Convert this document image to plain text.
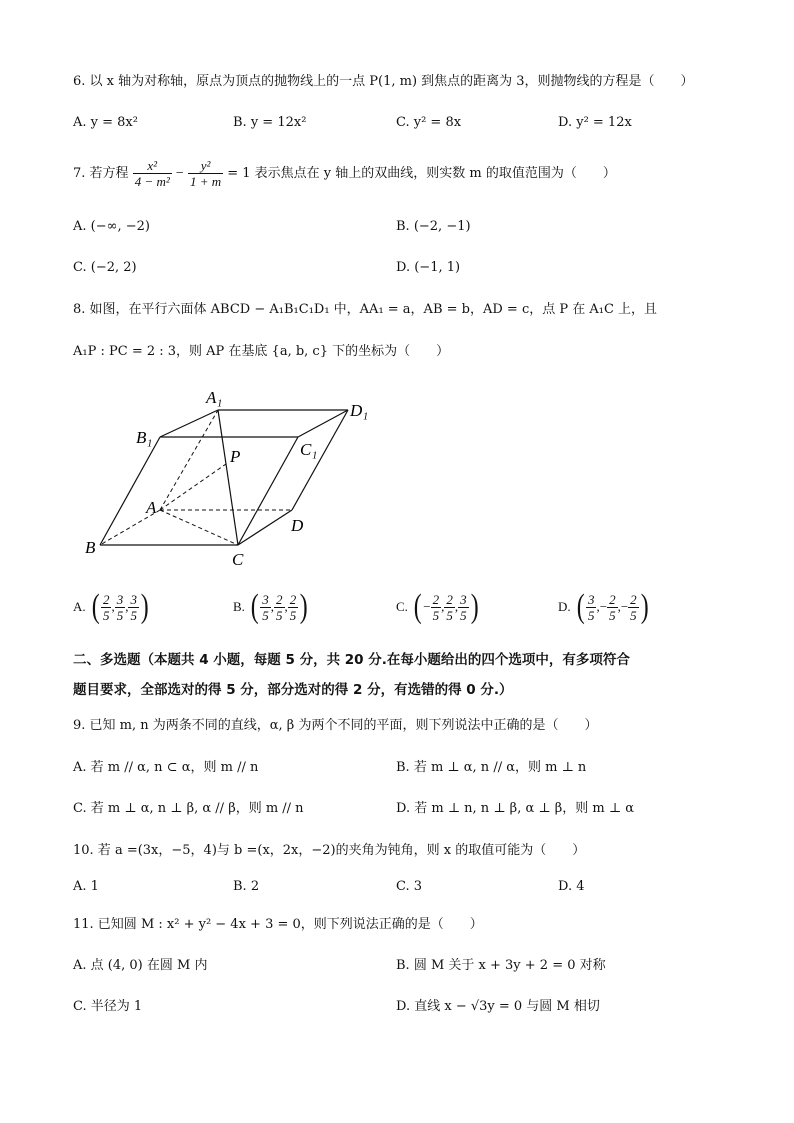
6. 以 x 轴为对称轴，原点为顶点的抛物线上的一点 P(1, m) 到焦点的距离为 3，则抛物线的方程是（　　）
A. y = 8x²	B. y = 12x²	C. y² = 8x	D. y² = 12x
7. 若方程 $\frac{\text{x²}}{\text{4 − m²}} - \frac{\text{y²}}{1 + m} = 1$ 表示焦点在 y 轴上的双曲线，则实数 m 的取值范围为（　　）
A. (−∞, −2)	B. (−2, −1)
C. (−2, 2)	D. (−1, 1)
8. 如图，在平行六面体 ABCD − A₁B₁C₁D₁ 中，AA₁ = a，AB = b，AD = c，点 P 在 A₁C 上，且
A₁P : PC = 2 : 3，则 AP 在基底 {a, b, c} 下的坐标为（　　）
A₁
D₁
B₁
C₁
P
A
D
B
C
A. ( $\frac{2}{5}$ , $\frac{3}{5}$ , $\frac{3}{5}$ )	B. ( $\frac{3}{5}$ , $\frac{2}{5}$ , $\frac{2}{5}$ )	C. ( − $\frac{2}{5}$ , $\frac{2}{5}$ , $\frac{3}{5}$ )	D. ( $\frac{3}{5}$ , − $\frac{2}{5}$ , − $\frac{2}{5}$ )
二、多选题（本题共 4 小题，每题 5 分，共 20 分.在每小题给出的四个选项中，有多项符合
题目要求，全部选对的得 5 分，部分选对的得 2 分，有选错的得 0 分.）
9. 已知 m, n 为两条不同的直线，α, β 为两个不同的平面，则下列说法中正确的是（　　）
A. 若 m // α, n ⊂ α，则 m // n	B. 若 m ⊥ α, n // α，则 m ⊥ n
C. 若 m ⊥ α, n ⊥ β, α // β，则 m // n	D. 若 m ⊥ n, n ⊥ β, α ⊥ β，则 m ⊥ α
10. 若 a =(3x，−5，4)与 b =(x，2x，−2)的夹角为钝角，则 x 的取值可能为（　　）
A. 1	B. 2	C. 3	D. 4
11. 已知圆 M : x² + y² − 4x + 3 = 0，则下列说法正确的是（　　）
A. 点 (4, 0) 在圆 M 内	B. 圆 M 关于 x + 3y + 2 = 0 对称
C. 半径为 1	D. 直线 x − √3y = 0 与圆 M 相切
